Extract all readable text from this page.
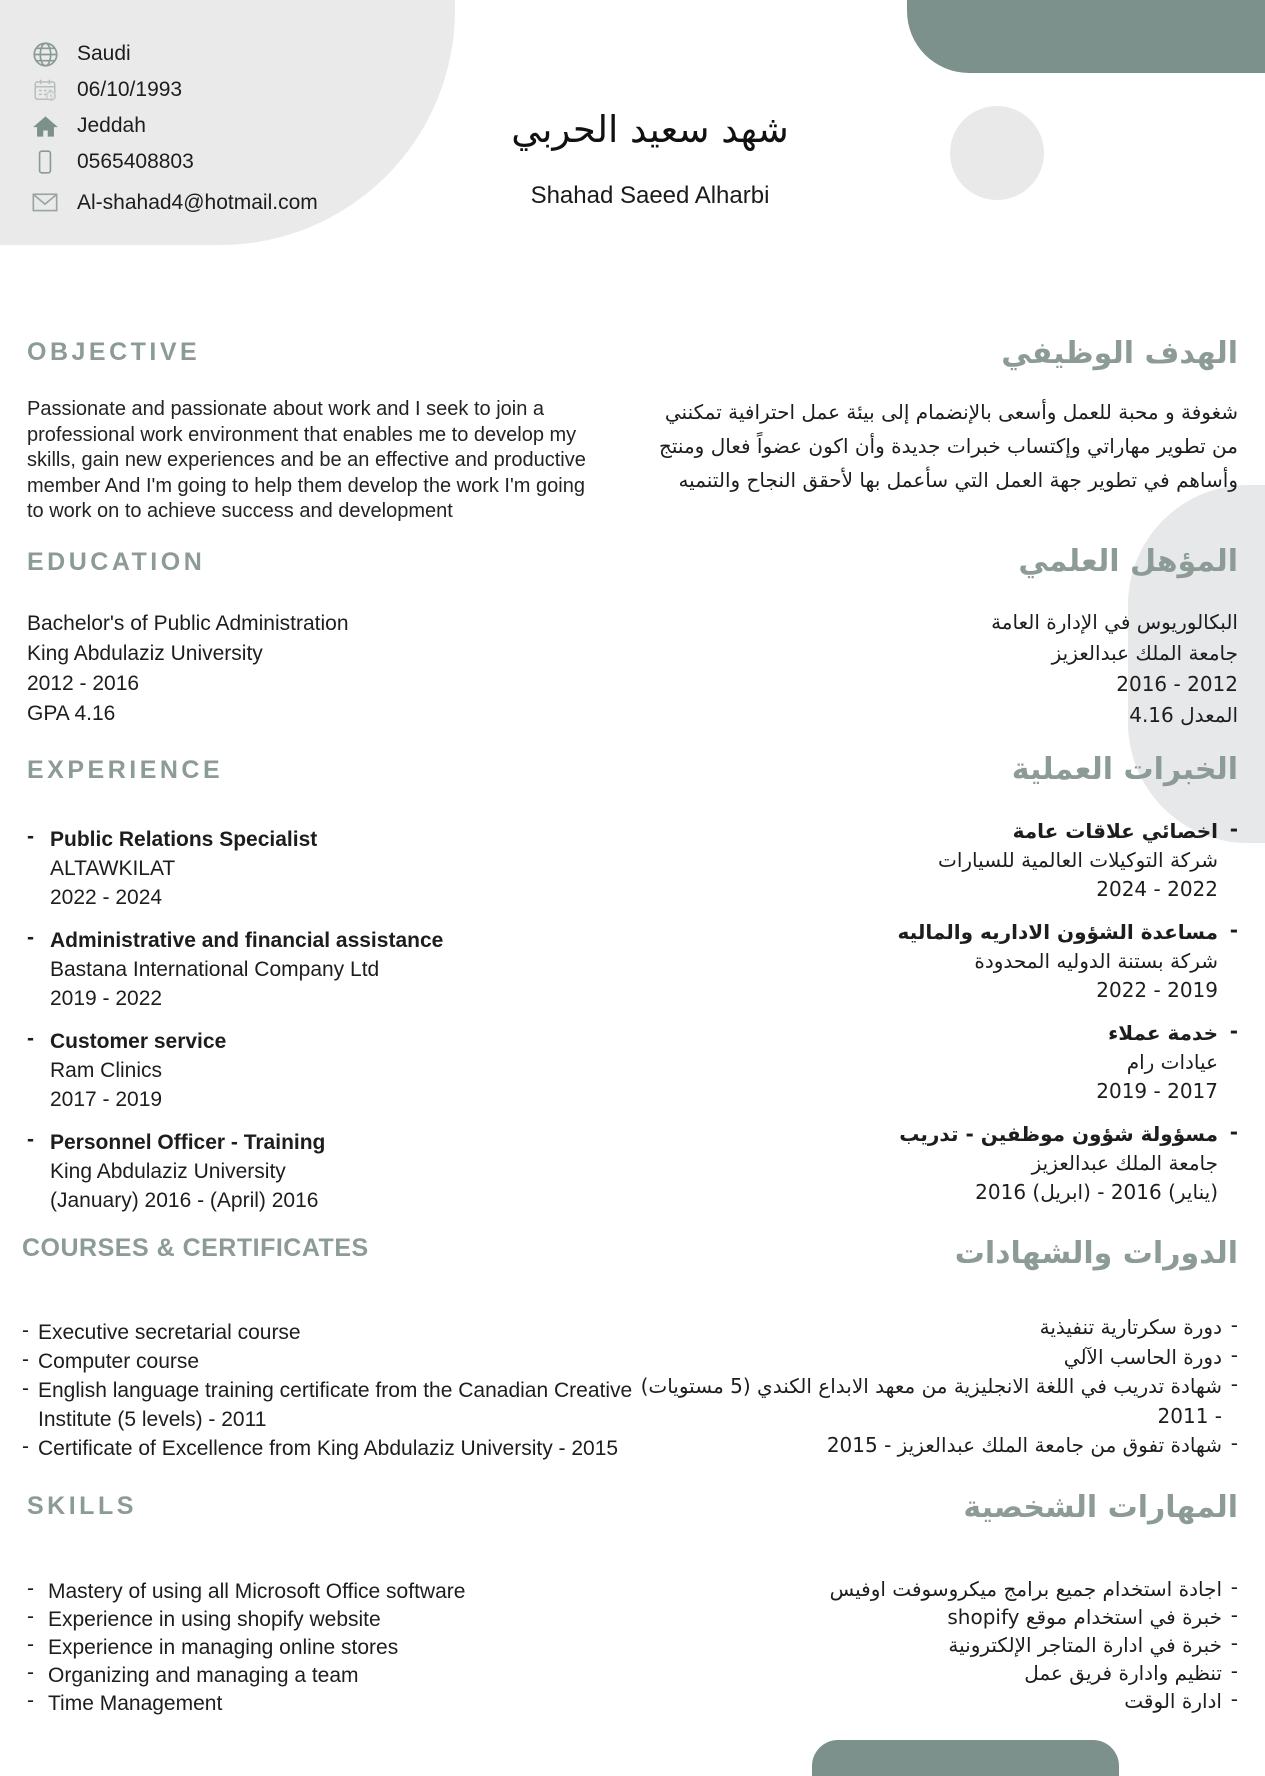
Saudi
06/10/1993
Jeddah
0565408803
Al-shahad4@hotmail.com
شهد سعيد الحربي
Shahad Saeed Alharbi
OBJECTIVE
Passionate and passionate about work and I seek to join a professional work environment that enables me to develop my skills, gain new experiences and be an effective and productive member And I'm going to help them develop the work I'm going to work on to achieve success and development
الهدف الوظيفي
شغوفة و محبة للعمل وأسعى بالإنضمام إلى بيئة عمل احترافية تمكنني من تطوير مهاراتي وإكتساب خبرات جديدة وأن اكون عضواً فعال ومنتج وأساهم في تطوير جهة العمل التي سأعمل بها لأحقق النجاح والتنميه
EDUCATION
Bachelor's of Public Administration
King Abdulaziz University
2012 - 2016
GPA 4.16
المؤهل العلمي
البكالوريوس في الإدارة العامة
جامعة الملك عبدالعزيز
2012 - 2016
المعدل 4.16
EXPERIENCE
- Public Relations Specialist
ALTAWKILAT
2022 - 2024
- Administrative and financial assistance
Bastana International Company Ltd
2019 - 2022
- Customer service
Ram Clinics
2017 - 2019
- Personnel Officer - Training
King Abdulaziz University
(January) 2016 - (April) 2016
الخبرات العملية
- اخصائي علاقات عامة
شركة التوكيلات العالمية للسيارات
2022 - 2024
- مساعدة الشؤون الاداريه والماليه
شركة بستنة الدوليه المحدودة
2019 - 2022
- خدمة عملاء
عيادات رام
2017 - 2019
- مسؤولة شؤون موظفين - تدريب
جامعة الملك عبدالعزيز
(يناير) 2016 - (ابريل) 2016
COURSES & CERTIFICATES
- Executive secretarial course
- Computer course
- English language training certificate from the Canadian Creative Institute (5 levels) - 2011
- Certificate of Excellence from King Abdulaziz University - 2015
الدورات والشهادات
- دورة سكرتارية تنفيذية
- دورة الحاسب الآلي
- شهادة تدريب في اللغة الانجليزية من معهد الابداع الكندي (5 مستويات) - 2011
- شهادة تفوق من جامعة الملك عبدالعزيز - 2015
SKILLS
- Mastery of using all Microsoft Office software
- Experience in using shopify website
- Experience in managing online stores
- Organizing and managing a team
- Time Management
المهارات الشخصية
- اجادة استخدام جميع برامج ميكروسوفت اوفيس
- خبرة في استخدام موقع shopify
- خبرة في ادارة المتاجر الإلكترونية
- تنظيم وادارة فريق عمل
- ادارة الوقت
